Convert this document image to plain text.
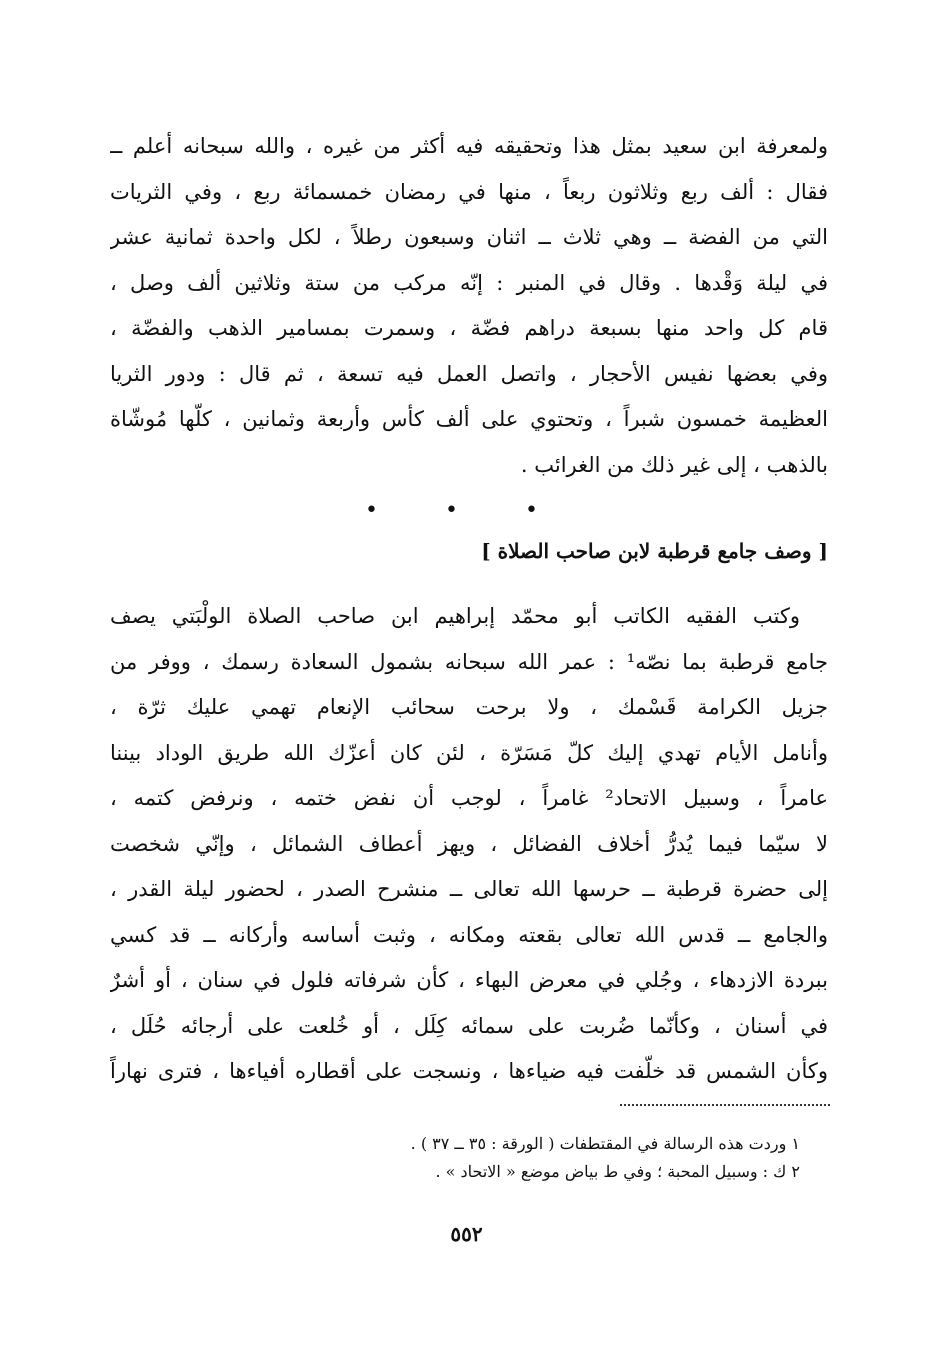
ولمعرفة ابن سعيد بمثل هذا وتحقيقه فيه أكثر من غيره ، والله سبحانه أعلم ــ
فقال : ألف ربع وثلاثون ربعاً ، منها في رمضان خمسمائة ربع ، وفي الثريات
التي من الفضة ــ وهي ثلاث ــ اثنان وسبعون رطلاً ، لكل واحدة ثمانية عشر
في ليلة وَقْدها . وقال في المنبر : إنّه مركب من ستة وثلاثين ألف وصل ،
قام كل واحد منها بسبعة دراهم فضّة ، وسمرت بمسامير الذهب والفضّة ،
وفي بعضها نفيس الأحجار ، واتصل العمل فيه تسعة ، ثم قال : ودور الثريا
العظيمة خمسون شبراً ، وتحتوي على ألف كأس وأربعة وثمانين ، كلّها مُوشّاة
بالذهب ، إلى غير ذلك من الغرائب .
• • •
[ وصف جامع قرطبة لابن صاحب الصلاة ]
وكتب الفقيه الكاتب أبو محمّد إبراهيم ابن صاحب الصلاة الولْبَتي يصف
جامع قرطبة بما نصّه¹ : عمر الله سبحانه بشمول السعادة رسمك ، ووفر من
جزيل الكرامة قَسْمك ، ولا برحت سحائب الإنعام تهمي عليك ثرّة ،
وأنامل الأيام تهدي إليك كلّ مَسَرّة ، لئن كان أعزّك الله طريق الوداد بيننا
عامراً ، وسبيل الاتحاد² غامراً ، لوجب أن نفض ختمه ، ونرفض كتمه ،
لا سيّما فيما يُدرُّ أخلاف الفضائل ، ويهز أعطاف الشمائل ، وإنّي شخصت
إلى حضرة قرطبة ــ حرسها الله تعالى ــ منشرح الصدر ، لحضور ليلة القدر ،
والجامع ــ قدس الله تعالى بقعته ومكانه ، وثبت أساسه وأركانه ــ قد كسي
ببردة الازدهاء ، وجُلي في معرض البهاء ، كأن شرفاته فلول في سنان ، أو أشرٌ
في أسنان ، وكأنّما ضُربت على سمائه كِلَل ، أو خُلعت على أرجائه حُلَل ،
وكأن الشمس قد خلّفت فيه ضياءها ، ونسجت على أقطاره أفياءها ، فترى نهاراً
١ وردت هذه الرسالة في المقتطفات ( الورقة : ٣٥ ــ ٣٧ ) .
٢ ك : وسبيل المحبة ؛ وفي ط بياض موضع « الاتحاد » .
٥٥٢
